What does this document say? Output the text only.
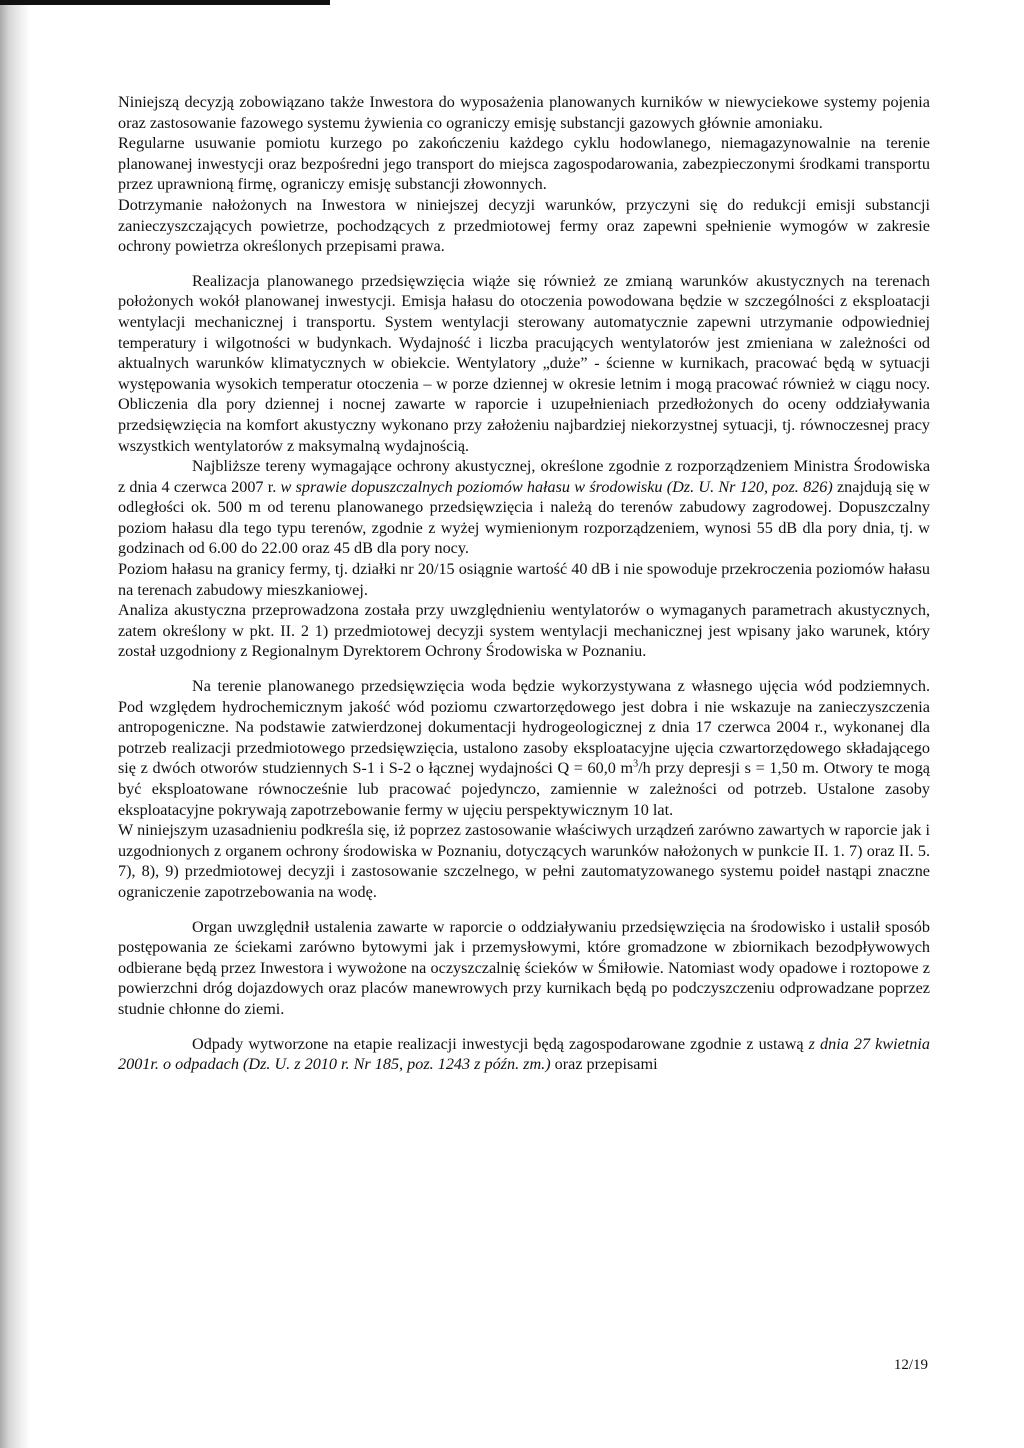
Niniejszą decyzją zobowiązano także Inwestora do wyposażenia planowanych kurników w niewyciekowe systemy pojenia oraz zastosowanie fazowego systemu żywienia co ograniczy emisję substancji gazowych głównie amoniaku.

Regularne usuwanie pomiotu kurzego po zakończeniu każdego cyklu hodowlanego, niemagazynowalnie na terenie planowanej inwestycji oraz bezpośredni jego transport do miejsca zagospodarowania, zabezpieczonymi środkami transportu przez uprawnioną firmę, ograniczy emisję substancji złowonnych.

Dotrzymanie nałożonych na Inwestora w niniejszej decyzji warunków, przyczyni się do redukcji emisji substancji zanieczyszczających powietrze, pochodzących z przedmiotowej fermy oraz zapewni spełnienie wymogów w zakresie ochrony powietrza określonych przepisami prawa.

Realizacja planowanego przedsięwzięcia wiąże się również ze zmianą warunków akustycznych na terenach położonych wokół planowanej inwestycji. Emisja hałasu do otoczenia powodowana będzie w szczególności z eksploatacji wentylacji mechanicznej i transportu. System wentylacji sterowany automatycznie zapewni utrzymanie odpowiedniej temperatury i wilgotności w budynkach. Wydajność i liczba pracujących wentylatorów jest zmieniana w zależności od aktualnych warunków klimatycznych w obiekcie. Wentylatory „duże” - ścienne w kurnikach, pracować będą w sytuacji występowania wysokich temperatur otoczenia – w porze dziennej w okresie letnim i mogą pracować również w ciągu nocy. Obliczenia dla pory dziennej i nocnej zawarte w raporcie i uzupełnieniach przedłożonych do oceny oddziaływania przedsięwzięcia na komfort akustyczny wykonano przy założeniu najbardziej niekorzystnej sytuacji, tj. równoczesnej pracy wszystkich wentylatorów z maksymalną wydajnością.

Najbliższe tereny wymagające ochrony akustycznej, określone zgodnie z rozporządzeniem Ministra Środowiska z dnia 4 czerwca 2007 r. w sprawie dopuszczalnych poziomów hałasu w środowisku (Dz. U. Nr 120, poz. 826) znajdują się w odległości ok. 500 m od terenu planowanego przedsięwzięcia i należą do terenów zabudowy zagrodowej. Dopuszczalny poziom hałasu dla tego typu terenów, zgodnie z wyżej wymienionym rozporządzeniem, wynosi 55 dB dla pory dnia, tj. w godzinach od 6.00 do 22.00 oraz 45 dB dla pory nocy.

Poziom hałasu na granicy fermy, tj. działki nr 20/15 osiągnie wartość 40 dB i nie spowoduje przekroczenia poziomów hałasu na terenach zabudowy mieszkaniowej.

Analiza akustyczna przeprowadzona została przy uwzględnieniu wentylatorów o wymaganych parametrach akustycznych, zatem określony w pkt. II. 2 1) przedmiotowej decyzji system wentylacji mechanicznej jest wpisany jako warunek, który został uzgodniony z Regionalnym Dyrektorem Ochrony Środowiska w Poznaniu.

Na terenie planowanego przedsięwzięcia woda będzie wykorzystywana z własnego ujęcia wód podziemnych. Pod względem hydrochemicznym jakość wód poziomu czwartorzędowego jest dobra i nie wskazuje na zanieczyszczenia antropogeniczne. Na podstawie zatwierdzonej dokumentacji hydrogeologicznej z dnia 17 czerwca 2004 r., wykonanej dla potrzeb realizacji przedmiotowego przedsięwzięcia, ustalono zasoby eksploatacyjne ujęcia czwartorzędowego składającego się z dwóch otworów studziennych S-1 i S-2 o łącznej wydajności Q = 60,0 $m^3/h$ przy depresji s = 1,50 m. Otwory te mogą być eksploatowane równocześnie lub pracować pojedynczo, zamiennie w zależności od potrzeb. Ustalone zasoby eksploatacyjne pokrywają zapotrzebowanie fermy w ujęciu perspektywicznym 10 lat.

W niniejszym uzasadnieniu podkreśla się, iż poprzez zastosowanie właściwych urządzeń zarówno zawartych w raporcie jak i uzgodnionych z organem ochrony środowiska w Poznaniu, dotyczących warunków nałożonych w punkcie II. 1. 7) oraz II. 5. 7), 8), 9) przedmiotowej decyzji i zastosowanie szczelnego, w pełni zautomatyzowanego systemu poideł nastąpi znaczne ograniczenie zapotrzebowania na wodę.

Organ uwzględnił ustalenia zawarte w raporcie o oddziaływaniu przedsięwzięcia na środowisko i ustalił sposób postępowania ze ściekami zarówno bytowymi jak i przemysłowymi, które gromadzone w zbiornikach bezodpływowych odbierane będą przez Inwestora i wywożone na oczyszczalnię ścieków w Śmiłowie. Natomiast wody opadowe i roztopowe z powierzchni dróg dojazdowych oraz placów manewrowych przy kurnikach będą po podczyszczeniu odprowadzane poprzez studnie chłonne do ziemi.

Odpady wytworzone na etapie realizacji inwestycji będą zagospodarowane zgodnie z ustawą z dnia 27 kwietnia 2001r. o odpadach (Dz. U. z 2010 r. Nr 185, poz. 1243 z późn. zm.) oraz przepisami

12/19
